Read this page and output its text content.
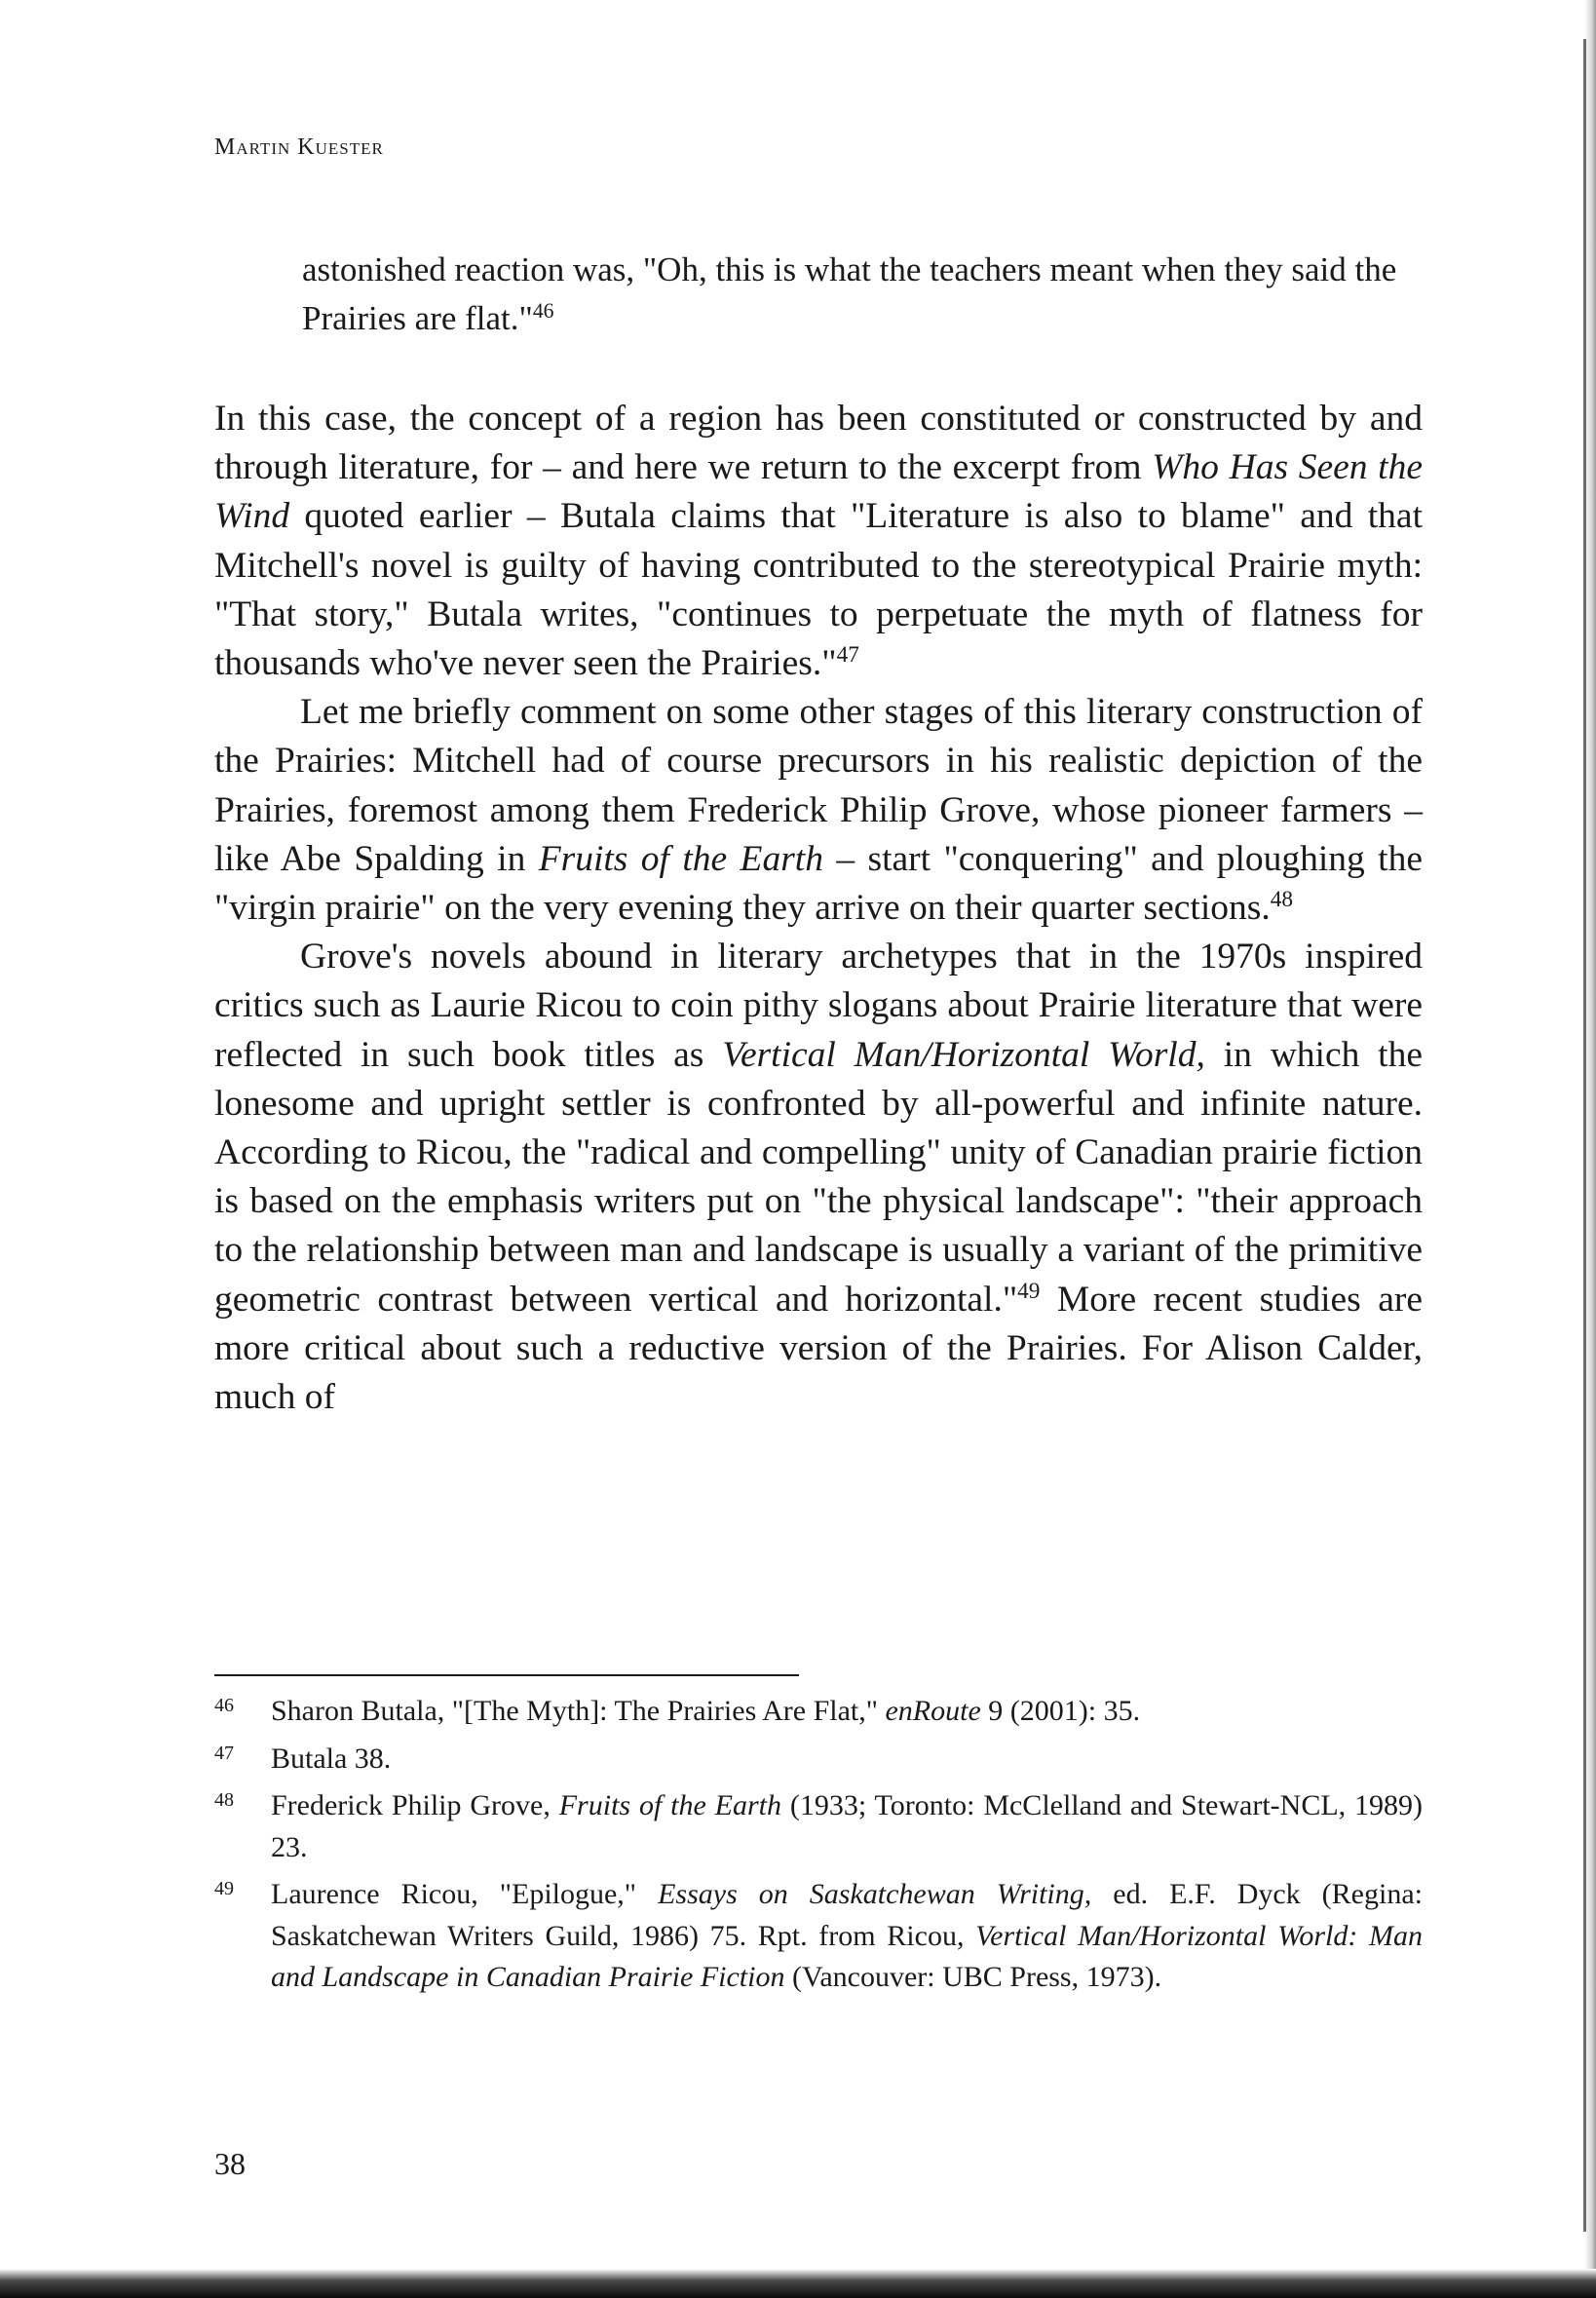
Martin Kuester
astonished reaction was, "Oh, this is what the teachers meant when they said the Prairies are flat."$^{46}$

In this case, the concept of a region has been constituted or constructed by and through literature, for – and here we return to the excerpt from Who Has Seen the Wind quoted earlier – Butala claims that "Literature is also to blame" and that Mitchell's novel is guilty of having contributed to the stereotypical Prairie myth: "That story," Butala writes, "continues to perpetuate the myth of flatness for thousands who've never seen the Prairies."$^{47}$

Let me briefly comment on some other stages of this literary construction of the Prairies: Mitchell had of course precursors in his realistic depiction of the Prairies, foremost among them Frederick Philip Grove, whose pioneer farmers – like Abe Spalding in Fruits of the Earth – start "conquering" and ploughing the "virgin prairie" on the very evening they arrive on their quarter sections.$^{48}$

Grove's novels abound in literary archetypes that in the 1970s inspired critics such as Laurie Ricou to coin pithy slogans about Prairie literature that were reflected in such book titles as Vertical Man/Horizontal World, in which the lonesome and upright settler is confronted by all-powerful and infinite nature. According to Ricou, the "radical and compelling" unity of Canadian prairie fiction is based on the emphasis writers put on "the physical landscape": "their approach to the relationship between man and landscape is usually a variant of the primitive geometric contrast between vertical and horizontal."$^{49}$ More recent studies are more critical about such a reductive version of the Prairies. For Alison Calder, much of

46	Sharon Butala, "[The Myth]: The Prairies Are Flat," enRoute 9 (2001): 35.
47	Butala 38.
48	Frederick Philip Grove, Fruits of the Earth (1933; Toronto: McClelland and Stewart-NCL, 1989) 23.
49	Laurence Ricou, "Epilogue," Essays on Saskatchewan Writing, ed. E.F. Dyck (Regina: Saskatchewan Writers Guild, 1986) 75. Rpt. from Ricou, Vertical Man/Horizontal World: Man and Landscape in Canadian Prairie Fiction (Vancouver: UBC Press, 1973).
38
